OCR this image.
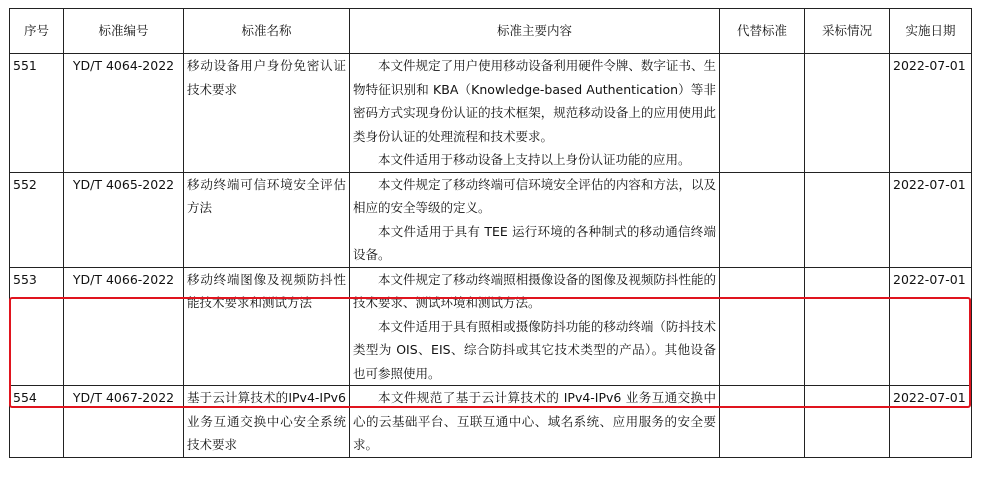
序号	标准编号	标准名称	标准主要内容	代替标准	采标情况	实施日期
551	YD/T 4064-2022	移动设备用户身份免密认证技术要求	本文件规定了用户使用移动设备利用硬件令牌、数字证书、生物特征识别和 KBA（Knowledge-based Authentication）等非密码方式实现身份认证的技术框架，规范移动设备上的应用使用此类身份认证的处理流程和技术要求。
本文件适用于移动设备上支持以上身份认证功能的应用。			2022-07-01
552	YD/T 4065-2022	移动终端可信环境安全评估方法	本文件规定了移动终端可信环境安全评估的内容和方法，以及相应的安全等级的定义。
本文件适用于具有 TEE 运行环境的各种制式的移动通信终端设备。			2022-07-01
553	YD/T 4066-2022	移动终端图像及视频防抖性能技术要求和测试方法	本文件规定了移动终端照相摄像设备的图像及视频防抖性能的技术要求、测试环境和测试方法。
本文件适用于具有照相或摄像防抖功能的移动终端（防抖技术类型为 OIS、EIS、综合防抖或其它技术类型的产品）。其他设备也可参照使用。			2022-07-01
554	YD/T 4067-2022	基于云计算技术的IPv4-IPv6业务互通交换中心安全系统技术要求	本文件规范了基于云计算技术的 IPv4-IPv6 业务互通交换中心的云基础平台、互联互通中心、域名系统、应用服务的安全要求。			2022-07-01
